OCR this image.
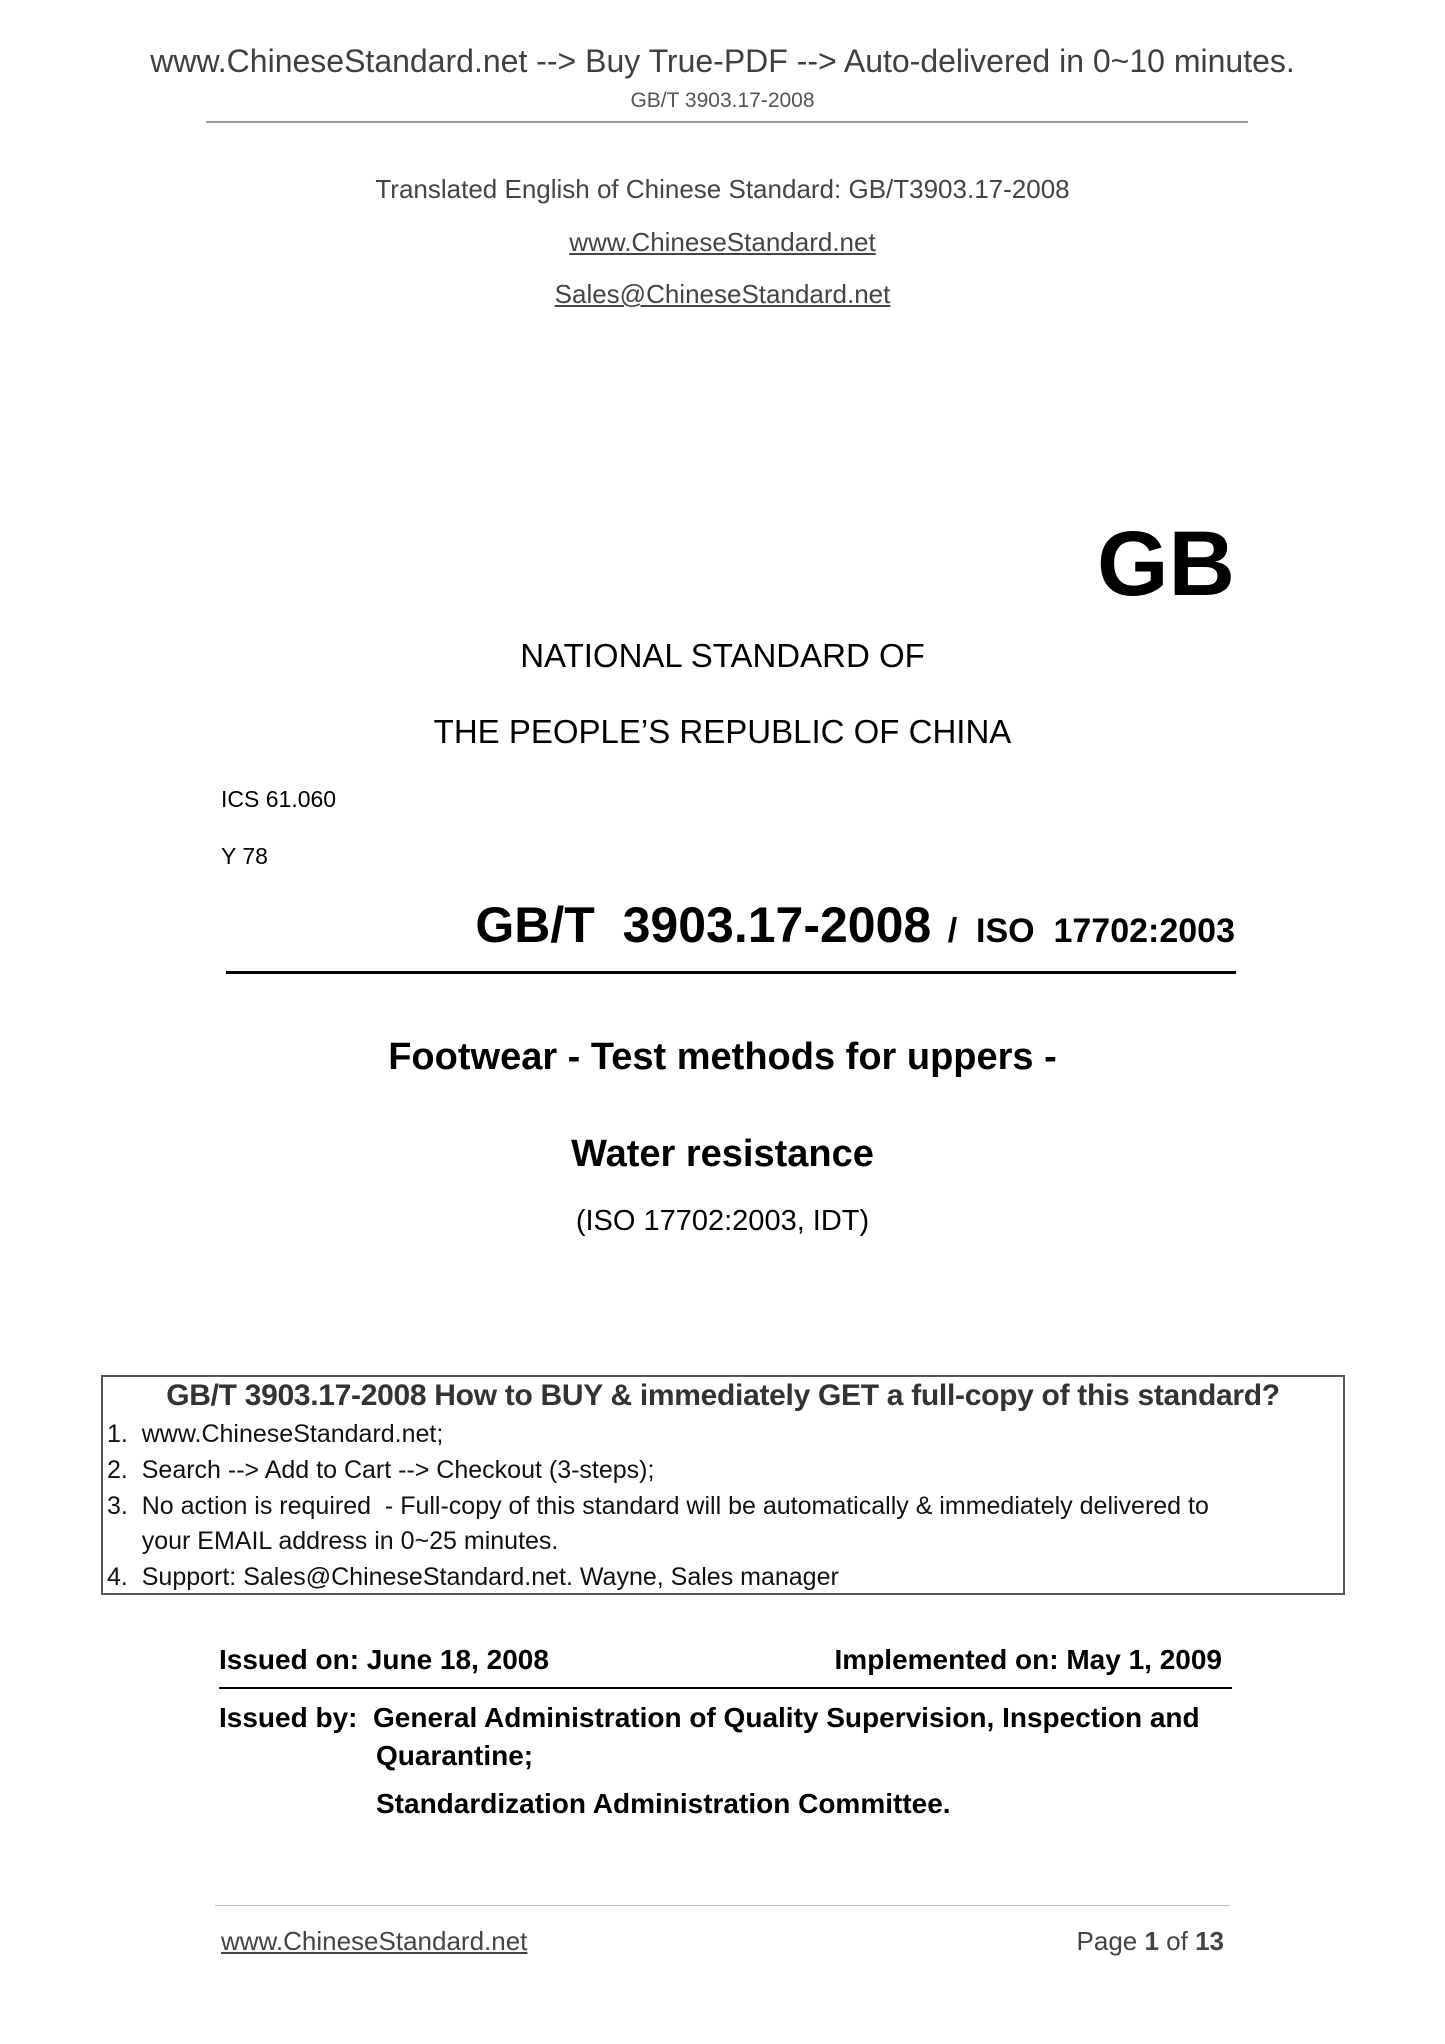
www.ChineseStandard.net --> Buy True-PDF --> Auto-delivered in 0~10 minutes.
GB/T 3903.17-2008
Translated English of Chinese Standard: GB/T3903.17-2008
www.ChineseStandard.net
Sales@ChineseStandard.net
GB
NATIONAL STANDARD OF
THE PEOPLE’S REPUBLIC OF CHINA
ICS 61.060
Y 78
GB/T  3903.17-2008 /  ISO  17702:2003
Footwear - Test methods for uppers -
Water resistance
(ISO 17702:2003, IDT)
GB/T 3903.17-2008 How to BUY & immediately GET a full-copy of this standard?
1.  www.ChineseStandard.net;
2.  Search --> Add to Cart --> Checkout (3-steps);
3.  No action is required  - Full-copy of this standard will be automatically & immediately delivered to
your EMAIL address in 0~25 minutes.
4.  Support: Sales@ChineseStandard.net. Wayne, Sales manager
Issued on: June 18, 2008	Implemented on: May 1, 2009
Issued by: General Administration of Quality Supervision, Inspection and
Quarantine;
Standardization Administration Committee.
www.ChineseStandard.net	Page 1 of 13
